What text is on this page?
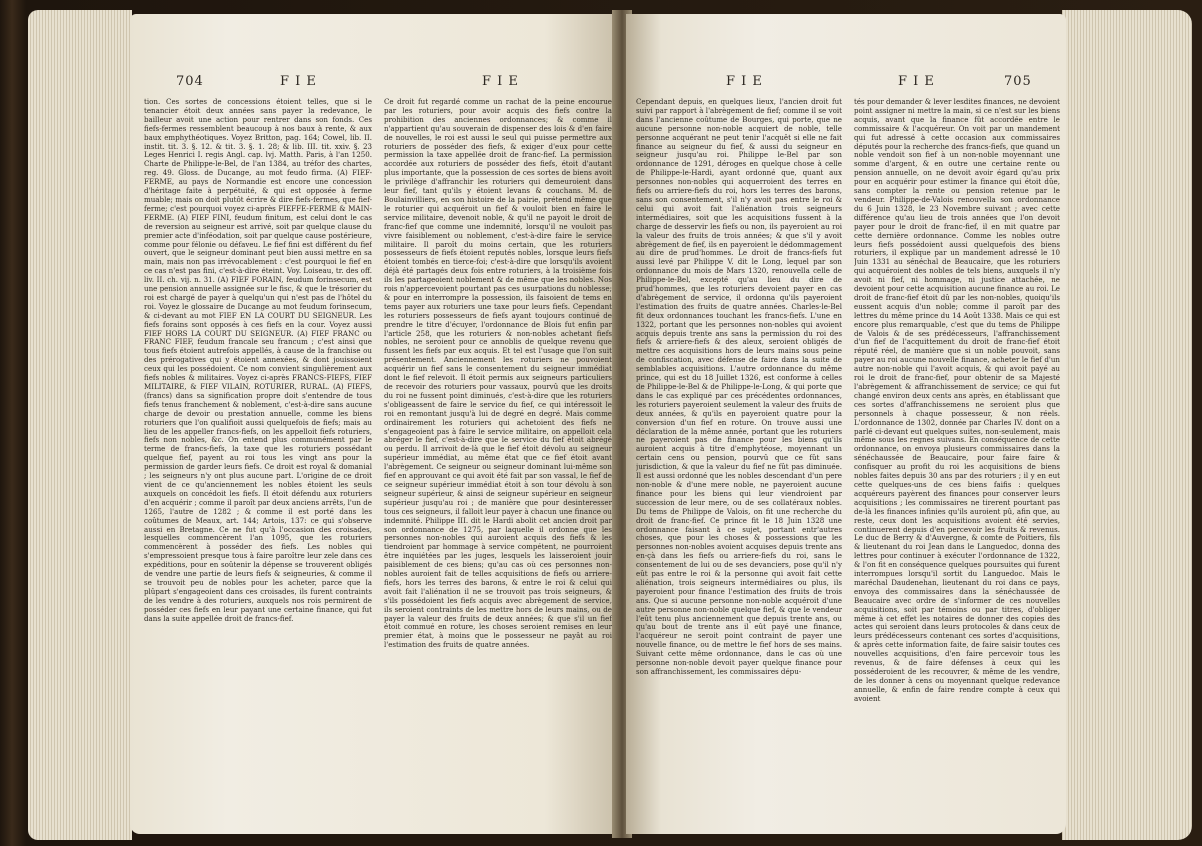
704	F I E	F I E
tion. Ces sortes de concessions étoient telles, que si le tenancier étoit deux années sans payer la redevance, le bailleur avoit une action pour rentrer dans son fonds. Ces fiefs-fermes ressemblent beaucoup à nos baux à rente, & aux baux emphythéotiques. Voyez Britton, pag. 164; Cowel, lib. II. instit. tit. 3. §. 12. & tit. 3. §. 1. 28; & lib. III. tit. xxiv. §. 23 Leges Henrici I. regis Angl. cap. lvj. Matth. Paris, à l'an 1250. Charte de Philippe-le-Bel, de l'an 1384, au tréfor des chartes, reg. 49. Gloss. de Ducange, au mot feudo firma. (A) FIEF-FERME, au pays de Normandie est encore une concession d'héritage faite à perpétuité, & qui est opposée à ferme muable; mais on doit plutôt écrire & dire fiefs-fermes, que fief-ferme; c'est pourquoi voyez ci-après FIEFFE-FERME & MAIN-FERME. (A) FIEF FINI, feudum finitum, est celui dont le cas de reversion au seigneur est arrivé, soit par quelque clause du premier acte d'inféodation, soit par quelque cause postérieure, comme pour félonie ou défaveu. Le fief fini est différent du fief ouvert, que le seigneur dominant peut bien aussi mettre en sa main, mais non pas irrévocablement : c'est pourquoi le fief en ce cas n'est pas fini, c'est-à-dire éteint. Voy. Loiseau, tr. des off. liv. II. ch. vij. n. 31. (A) FIEF FORAIN, feudum forinsecum, est une pension annuelle assignée sur le fisc, & que le trésorier du roi est chargé de payer à quelqu'un qui n'est pas de l'hôtel du roi. Voyez le glossaire de Ducange au mot feudum forinsecum, & ci-devant au mot FIEF EN LA COURT DU SEIGNEUR. Les fiefs forains sont opposés à ces fiefs en la cour. Voyez aussi FIEF HORS LA COURT DU SEIGNEUR. (A) FIEF FRANC ou FRANC FIEF, feudum francale seu francum ; c'est ainsi que tous fiefs étoient autrefois appellés, à cause de la franchise ou des prérogatives qui y étoient annexées, & dont jouissoient ceux qui les possédoient. Ce nom convient singulièrement aux fiefs nobles & militaires. Voyez ci-après FRANCS-FIEFS, FIEF MILITAIRE, & FIEF VILAIN, ROTURIER, RURAL. (A) FIEFS, (francs) dans sa signification propre doit s'entendre de tous fiefs tenus franchement & noblement, c'est-à-dire sans aucune charge de devoir ou prestation annuelle, comme les biens roturiers que l'on qualifioit aussi quelquefois de fiefs; mais au lieu de les appeller francs-fiefs, on les appelloit fiefs roturiers, fiefs non nobles, &c. On entend plus communément par le terme de francs-fiefs, la taxe que les roturiers possédant quelque fief, payent au roi tous les vingt ans pour la permission de garder leurs fiefs. Ce droit est royal & domanial ; les seigneurs n'y ont plus aucune part. L'origine de ce droit vient de ce qu'anciennement les nobles étoient les seuls auxquels on concédoit les fiefs. Il étoit défendu aux roturiers d'en acquérir ; comme il paroît par deux anciens arrêts, l'un de 1265, l'autre de 1282 ; & comme il est porté dans les coûtumes de Meaux, art. 144; Artois, 137: ce qui s'observe aussi en Bretagne. Ce ne fut qu'à l'occasion des croisades, lesquelles commencèrent l'an 1095, que les roturiers commencèrent à posséder des fiefs. Les nobles qui s'empressoient presque tous à faire paroître leur zele dans ces expéditions, pour en soûtenir la dépense se trouverent obligés de vendre une partie de leurs fiefs & seigneuries, & comme il se trouvoit peu de nobles pour les acheter, parce que la plûpart s'engageoient dans ces croisades, ils furent contraints de les vendre à des roturiers, auxquels nos rois permirent de posséder ces fiefs en leur payant une certaine finance, qui fut dans la suite appellée droit de francs-fief.
Ce droit fut regardé comme un rachat de la peine encourue par les roturiers, pour avoir acquis des fiefs contre la prohibition des anciennes ordonnances; & comme il n'appartient qu'au souverain de dispenser des lois & d'en faire de nouvelles, le roi est aussi le seul qui puisse permettre aux roturiers de posséder des fiefs, & exiger d'eux pour cette permission la taxe appellée droit de franc-fief. La permission accordée aux roturiers de posséder des fiefs, étoit d'autant plus importante, que la possession de ces sortes de biens avoit le privilège d'affranchir les roturiers qui demeuroient dans leur fief, tant qu'ils y étoient levans & couchans. M. de Boulainvilliers, en son histoire de la pairie, prétend même que le roturier qui acquéroit un fief & vouloit bien en faire le service militaire, devenoit noble, & qu'il ne payoit le droit de franc-fief que comme une indemnité, lorsqu'il ne vouloit pas vivre faisiblement ou noblement, c'est-à-dire faire le service militaire. Il paroît du moins certain, que les roturiers possesseurs de fiefs étoient reputés nobles, lorsque leurs fiefs étoient tombés en tierce-foi; c'est-à-dire que lorsqu'ils avoient déjà été partagés deux fois entre roturiers, à la troisième fois ils les partageoient noblement & de même que les nobles. Nos rois n'appercevoient pourtant pas ces usurpations du noblesse; & pour en interrompre la possession, ils faisoient de tems en tems payer aux roturiers une taxe pour leurs fiefs. Cependant les roturiers possesseurs de fiefs ayant toujours continué de prendre le titre d'écuyer, l'ordonnance de Blois fut enfin par l'article 258, que les roturiers & non-nobles achetant fiefs nobles, ne seroient pour ce annoblis de quelque revenu que fussent les fiefs par eux acquis. Et tel est l'usage que l'on suit présentement. Anciennement les roturiers ne pouvoient acquérir un fief sans le consentement du seigneur immédiat dont le fief relevoit. Il étoit permis aux seigneurs particuliers de recevoir des roturiers pour vassaux, pourvû que les droits du roi ne fussent point diminués, c'est-à-dire que les roturiers s'obligeassent de faire le service du fief, ce qui intéressoit le roi en remontant jusqu'à lui de degré en degré. Mais comme ordinairement les roturiers qui achetoient des fiefs ne s'engageoient pas à faire le service militaire, on appelloit cela abréger le fief, c'est-à-dire que le service du fief étoit abrégé ou perdu. Il arrivoit de-là que le fief étoit dévolu au seigneur supérieur immédiat, au même état que ce fief étoit avant l'abrègement. Ce seigneur ou seigneur dominant lui-même son fief en approuvant ce qui avoit été fait par son vassal, le fief de ce seigneur supérieur immédiat étoit à son tour dévolu à son seigneur supérieur, & ainsi de seigneur supérieur en seigneur supérieur jusqu'au roi ; de manière que pour desinteresser tous ces seigneurs, il falloit leur payer à chacun une finance ou indemnité. Philippe III. dit le Hardi abolit cet ancien droit par son ordonnance de 1275, par laquelle il ordonne que les personnes non-nobles qui auroient acquis des fiefs & les tiendroient par hommage à service compétent, ne pourroient être inquiétées par les juges, lesquels les laisseroient jouir paisiblement de ces biens; qu'au cas où ces personnes non-nobles auroient fait de telles acquisitions de fiefs ou arriere-fiefs, hors les terres des barons, & entre le roi & celui qui avoit fait l'aliénation il ne se trouvoit pas trois seigneurs, & s'ils possédoient les fiefs acquis avec abrègement de service, ils seroient contraints de les mettre hors de leurs mains, ou de payer la valeur des fruits de deux années; & que s'il un fief étoit commué en roture, les choses seroient remises en leur premier état, à moins que le possesseur ne payât au roi l'estimation des fruits de quatre années.
F I E	F I E	705
Cependant depuis, en quelques lieux, l'ancien droit fut suivi par rapport à l'abrègement de fief; comme il se voit dans l'ancienne coûtume de Bourges, qui porte, que ne aucune personne non-noble acquiert de noble, telle personne acquérant ne peut tenir l'acquêt si elle ne fait finance au seigneur du fief, & aussi du seigneur en seigneur jusqu'au roi. Philippe le-Bel par son ordonnance de 1291, déroges en quelque chose à celle de Philippe-le-Hardi, ayant ordonné que, quant aux personnes non-nobles qui acquerroient des terres en fiefs ou arriere-fiefs du roi, hors les terres des barons, sans son consentement, s'il n'y avoit pas entre le roi & celui qui avoit fait l'aliénation trois seigneurs intermédiaires, soit que les acquisitions fussent à la charge de desservir les fiefs ou non, ils payeroient au roi la valeur des fruits de trois années; & que s'il y avoit abrègement de fief, ils en payeroient le dédommagement au dire de prud'hommes. Le droit de francs-fiefs fut aussi levé par Philippe V. dit le Long, lequel par son ordonnance du mois de Mars 1320, renouvella celle de Philippe-le-Bel, excepté qu'au lieu du dire de prud'hommes, que les roturiers devoient payer en cas d'abrègement de service, il ordonna qu'ils payeroient l'estimation des fruits de quatre années. Charles-le-Bel fit deux ordonnances touchant les francs-fiefs. L'une en 1322, portant que les personnes non-nobles qui avoient acquis depuis trente ans sans la permission du roi des fiefs & arriere-fiefs & des aleux, seroient obligés de mettre ces acquisitions hors de leurs mains sous peine de confiscation, avec défense de faire dans la suite de semblables acquisitions. L'autre ordonnance du même prince, qui est du 18 Juillet 1326, est conforme à celles de Philippe-le-Bel & de Philippe-le-Long, & qui porte que dans le cas expliqué par ces précédentes ordonnances, les roturiers payeroient seulement la valeur des fruits de deux années, & qu'ils en payeroient quatre pour la conversion d'un fief en roture. On trouve aussi une déclaration de la même année, portant que les roturiers ne payeroient pas de finance pour les biens qu'ils auroient acquis à titre d'emphytéose, moyennant un certain cens ou pension, pourvû que ce fût sans jurisdiction, & que la valeur du fief ne fût pas diminuée. Il est aussi ordonné que les nobles descendant d'un pere non-noble & d'une mere noble, ne payeroient aucune finance pour les biens qui leur viendroient par succession de leur mere, ou de ses collatéraux nobles. Du tems de Philippe de Valois, on fit une recherche du droit de franc-fief. Ce prince fit le 18 Juin 1328 une ordonnance faisant à ce sujet, portant entr'autres choses, que pour les choses & possessions que les personnes non-nobles avoient acquises depuis trente ans en-çà dans les fiefs ou arriere-fiefs du roi, sans le consentement de lui ou de ses devanciers, pose qu'il n'y eût pas entre le roi & la personne qui avoit fait cette aliénation, trois seigneurs intermédiaires ou plus, ils payeroient pour finance l'estimation des fruits de trois ans. Que si aucune personne non-noble acquéroit d'une autre personne non-noble quelque fief, & que le vendeur l'eût tenu plus anciennement que depuis trente ans, ou qu'au bout de trente ans il eût payé une finance, l'acquéreur ne seroit point contraint de payer une nouvelle finance, ou de mettre le fief hors de ses mains. Suivant cette même ordonnance, dans le cas où une personne non-noble devoit payer quelque finance pour son affranchissement, les commissaires dépu-
tés pour demander & lever lesdites finances, ne devoient point assigner ni mettre la main, si ce n'est sur les biens acquis, avant que la finance fût accordée entre le commissaire & l'acquéreur. On voit par un mandement qui fut adressé à cette occasion aux commissaires députés pour la recherche des francs-fiefs, que quand un noble vendoit son fief à un non-noble moyennant une somme d'argent, & en outre une certaine rente ou pension annuelle, on ne devoit avoir égard qu'au prix pour en acquérir pour estimer la finance qui étoit dûe, sans compter la rente ou pension retenue par le vendeur. Philippe-de-Valois renouvella son ordonnance du 6 Juin 1328, le 23 Novembre suivant ; avec cette différence qu'au lieu de trois années que l'on devoit payer pour le droit de franc-fief, il en mit quatre par cette dernière ordonnance. Comme les nobles outre leurs fiefs possédoient aussi quelquefois des biens roturiers, il explique par un mandement adressé le 10 Juin 1331 au sénéchal de Beaucaire, que les roturiers qui acquéroient des nobles de tels biens, auxquels il n'y avoit ni fief, ni hommage, ni justice attachée, ne devoient pour cette acquisition aucune finance au roi. Le droit de franc-fief étoit dû par les non-nobles, quoiqu'ils eussent acquis d'un noble; comme il paroît par des lettres du même prince du 14 Août 1338. Mais ce qui est encore plus remarquable, c'est que du tems de Philippe de Valois & de ses prédécesseurs, l'affranchissement d'un fief de l'acquittement du droit de franc-fief étoit réputé réel, de manière que si un noble pouvoit, sans payer au roi aucune nouvelle finance, acheter le fief d'un autre non-noble qui l'avoit acquis, & qui avoit payé au roi le droit de franc-fief, pour obtenir de sa Majesté l'abrègement & affranchissement de service; ce qui fut changé environ deux cents ans après, en établissant que ces sortes d'affranchissemens ne seroient plus que personnels à chaque possesseur, & non réels. L'ordonnance de 1302, donnée par Charles IV. dont on a parlé ci-devant eut quelques suites, non-seulement, mais même sous les regnes suivans. En conséquence de cette ordonnance, on envoya plusieurs commissaires dans la sénéchaussée de Beaucaire, pour faire faire & confisquer au profit du roi les acquisitions de biens nobles faites depuis 30 ans par des roturiers ; il y en eut cette quelques-uns de ces biens faifis : quelques acquéreurs payèrent des finances pour conserver leurs acquisitions ; les commissaires ne tirerent pourtant pas de-là les finances infinies qu'ils auroient pû, afin que, au reste, ceux dont les acquisitions avoient été servies, continuerent depuis d'en percevoir les fruits & revenus. Le duc de Berry & d'Auvergne, & comte de Poitiers, fils & lieutenant du roi Jean dans le Languedoc, donna des lettres pour continuer à exécuter l'ordonnance de 1322, & l'on fit en conséquence quelques poursuites qui furent interrompues lorsqu'il sortit du Languedoc. Mais le maréchal Daudenehan, lieutenant du roi dans ce pays, envoya des commissaires dans la sénéchaussée de Beaucaire avec ordre de s'informer de ces nouvelles acquisitions, soit par témoins ou par titres, d'obliger même à cet effet les notaires de donner des copies des actes qui seroient dans leurs protocoles & dans ceux de leurs prédécesseurs contenant ces sortes d'acquisitions, & après cette information faite, de faire saisir toutes ces nouvelles acquisitions, d'en faire percevoir tous les revenus, & de faire défenses à ceux qui les posséderoient de les recouvrer, & même de les vendre, de les donner à cens ou moyennant quelque redevance annuelle, & enfin de faire rendre compte à ceux qui avoient
